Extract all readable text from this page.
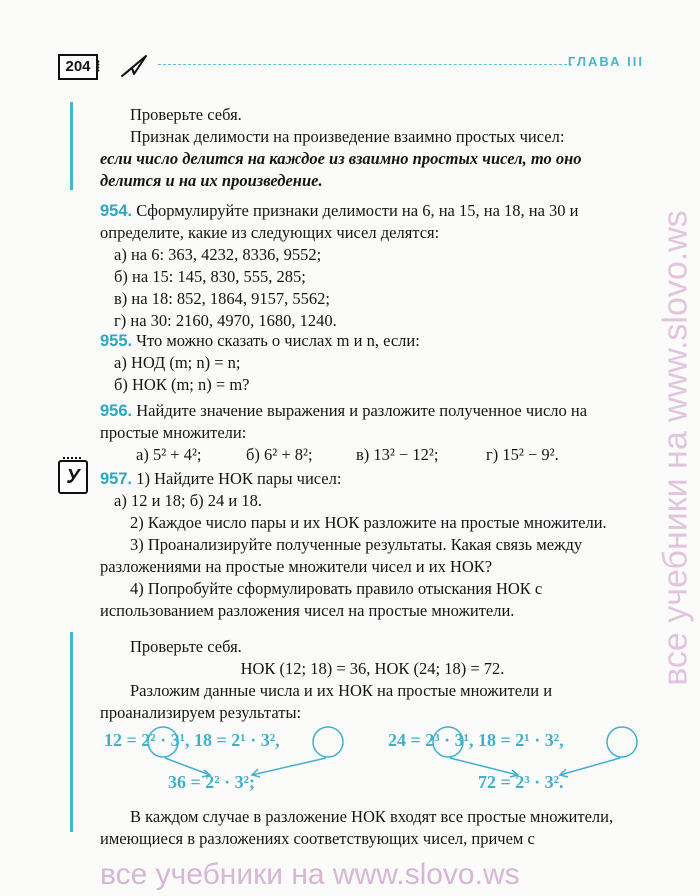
204 ⧘	ГЛАВА III

Проверьте себя.

Признак делимости на произведение взаимно простых чисел:

если число делится на каждое из взаимно простых чисел, то оно делится и на их произведение.

954. Сформулируйте признаки делимости на 6, на 15, на 18, на 30 и определите, какие из следующих чисел делятся:

а) на 6: 363, 4232, 8336, 9552;
б) на 15: 145, 830, 555, 285;
в) на 18: 852, 1864, 9157, 5562;
г) на 30: 2160, 4970, 1680, 1240.

955. Что можно сказать о числах m и n, если:

а) НОД (m; n) = n;
б) НОК (m; n) = m?

956. Найдите значение выражения и разложите полученное число на простые множители:

а) 5² + 4²;	б) 6² + 8²;	в) 13² − 12²;	г) 15² − 9².
У	957. 1) Найдите НОК пары чисел:

а) 12 и 18; б) 24 и 18.

2) Каждое число пары и их НОК разложите на простые множители.

3) Проанализируйте полученные результаты. Какая связь между разложениями на простые множители чисел и их НОК?

4) Попробуйте сформулировать правило отыскания НОК с использованием разложения чисел на простые множители.

Проверьте себя.

НОК (12; 18) = 36, НОК (24; 18) = 72.

Разложим данные числа и их НОК на простые множители и проанализируем результаты:

12 = 2² · 3¹, 18 = 2¹ · 3²,	24 = 2³ · 3¹, 18 = 2¹ · 3²,
36 = 2² · 3²;	72 = 2³ · 3².

В каждом случае в разложение НОК входят все простые множители, имеющиеся в разложениях соответствующих чисел, причем с

все учебники на www.slovo.ws
все учебники на www.slovo.ws
